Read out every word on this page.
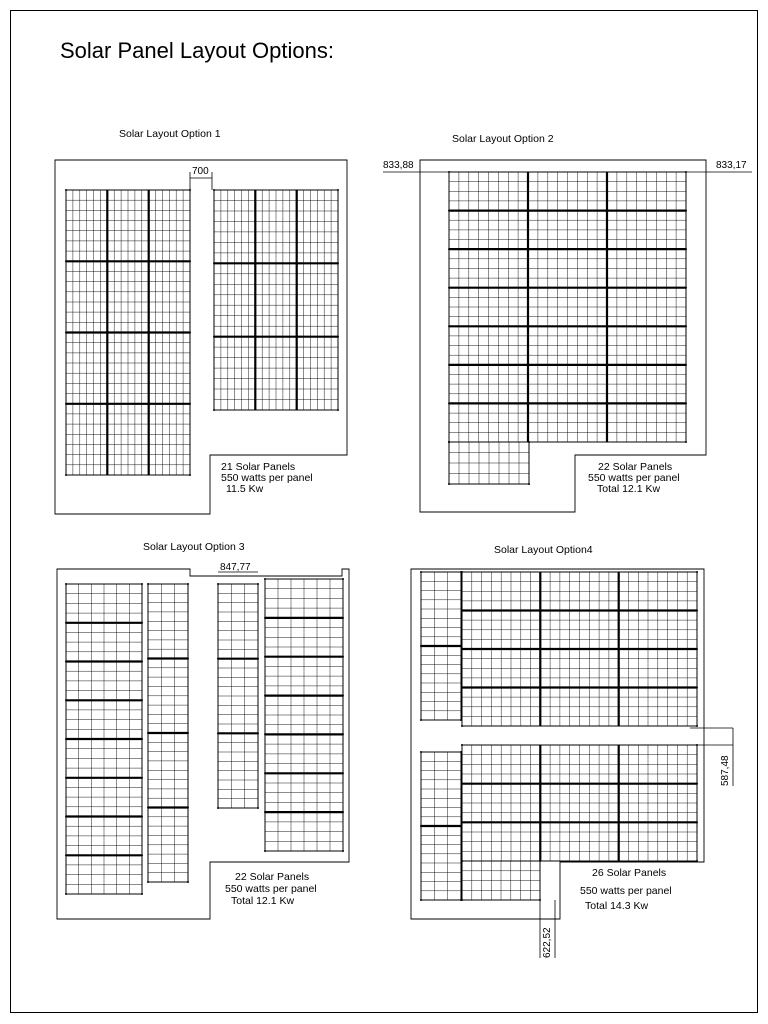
Solar Panel Layout Options:
Solar Layout Option 1
700
21 Solar Panels
550 watts per panel
11.5 Kw
Solar Layout Option 2
833,88	833,17
22 Solar Panels
550 watts per panel
Total 12.1 Kw
Solar Layout Option 3
847,77
22 Solar Panels
550 watts per panel
Total 12.1 Kw
Solar Layout Option4
587,48
622,52
26 Solar Panels
550 watts per panel
Total 14.3 Kw
